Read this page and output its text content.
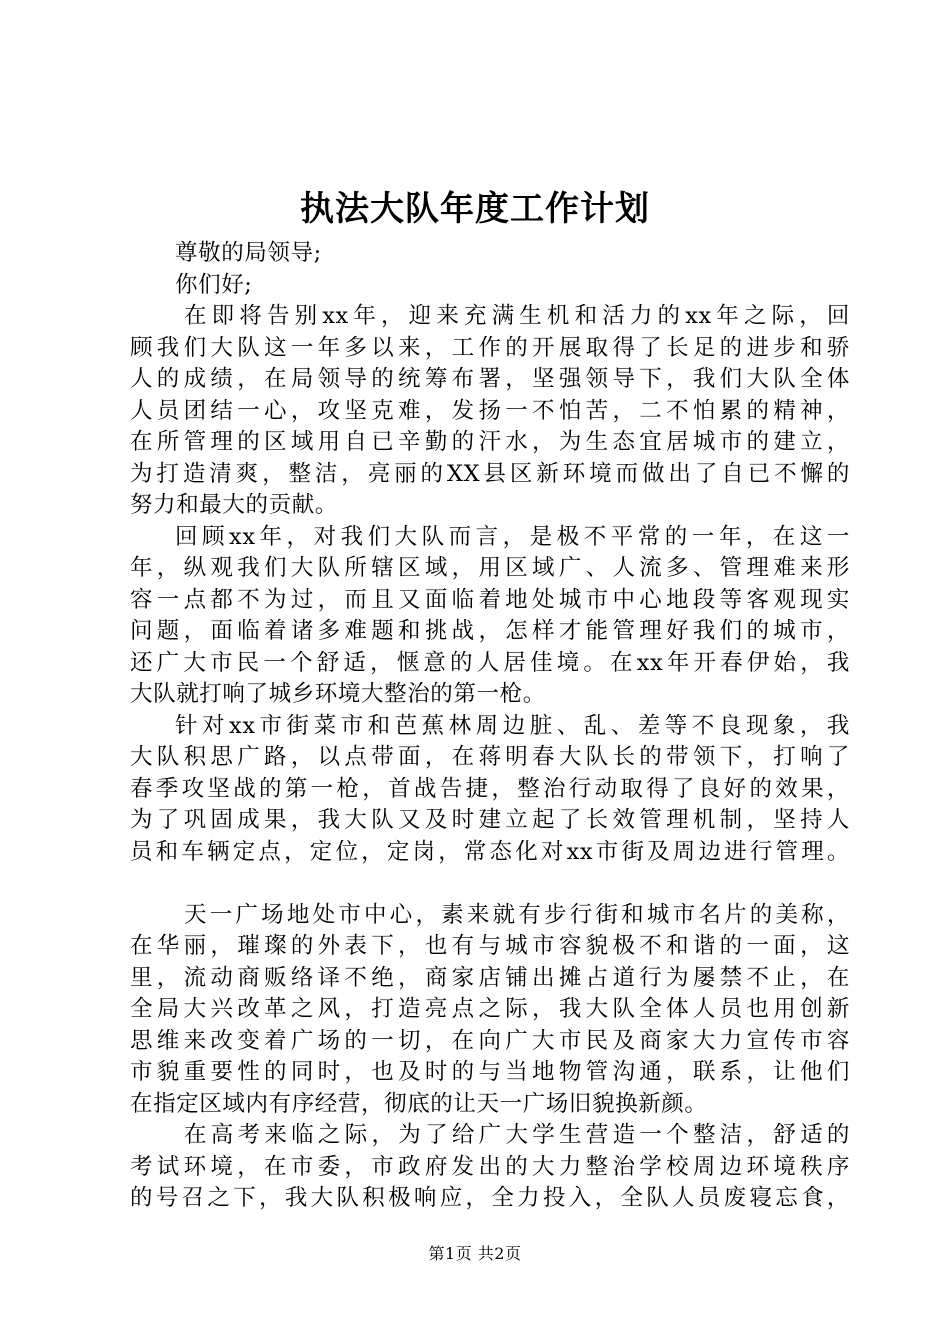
执法大队年度工作计划
尊敬的局领导;
你们好;
在即将告别xx年，迎来充满生机和活力的xx年之际，回
顾我们大队这一年多以来，工作的开展取得了长足的进步和骄
人的成绩，在局领导的统筹布署，坚强领导下，我们大队全体
人员团结一心，攻坚克难，发扬一不怕苦，二不怕累的精神，
在所管理的区域用自已辛勤的汗水，为生态宜居城市的建立，
为打造清爽，整洁，亮丽的XX县区新环境而做出了自已不懈的
努力和最大的贡献。
回顾xx年，对我们大队而言，是极不平常的一年，在这一
年，纵观我们大队所辖区域，用区域广、人流多、管理难来形
容一点都不为过，而且又面临着地处城市中心地段等客观现实
问题，面临着诸多难题和挑战，怎样才能管理好我们的城市，
还广大市民一个舒适，惬意的人居佳境。在xx年开春伊始，我
大队就打响了城乡环境大整治的第一枪。
针对xx市街菜市和芭蕉林周边脏、乱、差等不良现象，我
大队积思广路，以点带面，在蒋明春大队长的带领下，打响了
春季攻坚战的第一枪，首战告捷，整治行动取得了良好的效果，
为了巩固成果，我大队又及时建立起了长效管理机制，坚持人
员和车辆定点，定位，定岗，常态化对xx市街及周边进行管理。
天一广场地处市中心，素来就有步行街和城市名片的美称，
在华丽，璀璨的外表下，也有与城市容貌极不和谐的一面，这
里，流动商贩络译不绝，商家店铺出摊占道行为屡禁不止，在
全局大兴改革之风，打造亮点之际，我大队全体人员也用创新
思维来改变着广场的一切，在向广大市民及商家大力宣传市容
市貌重要性的同时，也及时的与当地物管沟通，联系，让他们
在指定区域内有序经营，彻底的让天一广场旧貌换新颜。
在高考来临之际，为了给广大学生营造一个整洁，舒适的
考试环境，在市委，市政府发出的大力整治学校周边环境秩序
的号召之下，我大队积极响应，全力投入，全队人员废寝忘食，
第1页 共2页
